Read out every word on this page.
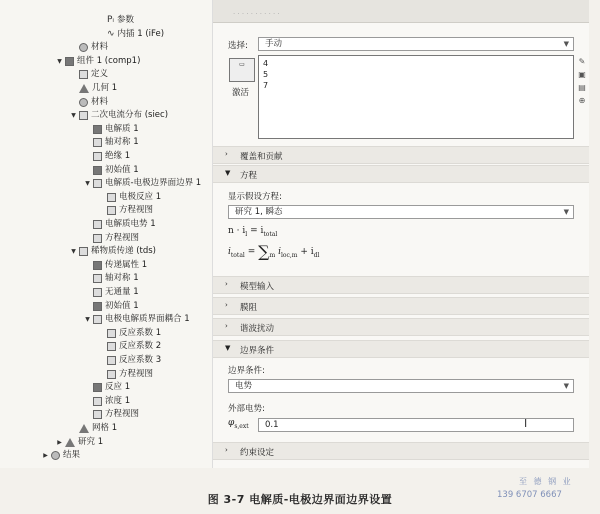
Pᵢ 参数
∿ 内插 1 (iFe)
材料
▼ 组件 1 (comp1)
定义
几何 1
材料
▼ 二次电流分布 (siec)
电解质 1
轴对称 1
绝缘 1
初始值 1
▼ 电解质-电极边界面边界 1
电极反应 1
方程视图
电解质电势 1
方程视图
▼ 稀物质传递 (tds)
传递属性 1
轴对称 1
无通量 1
初始值 1
▼ 电极电解质界面耦合 1
反应系数 1
反应系数 2
反应系数 3
方程视图
反应 1
浓度 1
方程视图
网格 1
▶ 研究 1
▶ 结果
· · · · · · · · · · ·
选择:	手动	▼
▭
激活
4
5
7
✎
▣
▤
⊕
› 覆盖和贡献
▼ 方程
显示假设方程:
研究 1, 瞬态	▼
$n \cdot i_l = i_{total}$
$i_{total} = \sum_m$ $i_{loc,m} + i_{dl}$
› 模型输入
› 膜阻
› 谐波扰动
▼ 边界条件
边界条件:
电势	▼
外部电势:
$\varphi_{s,ext}$	0.1	I
› 约束设定
图 3-7 电解质-电极边界面边界设置
至 德 钢 业
139 6707 6667
